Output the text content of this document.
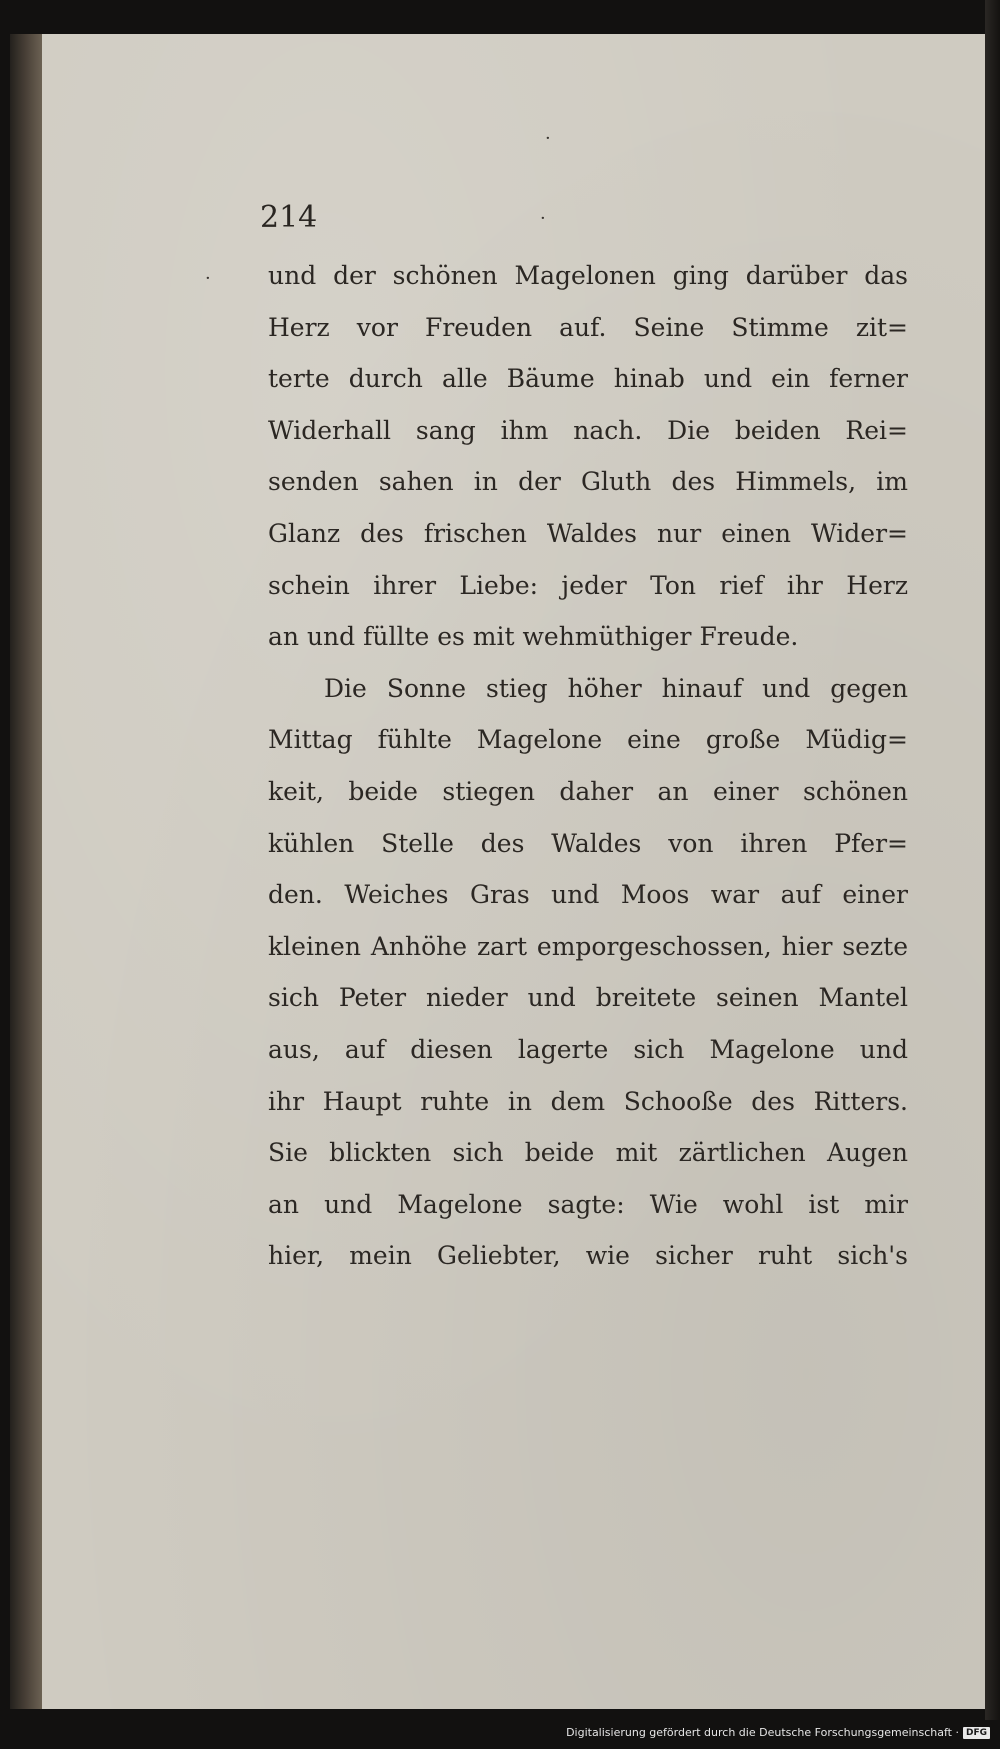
·
·
·
214
und der schönen Magelonen ging darüber das
Herz vor Freuden auf. Seine Stimme zit=
terte durch alle Bäume hinab und ein ferner
Widerhall sang ihm nach. Die beiden Rei=
senden sahen in der Gluth des Himmels, im
Glanz des frischen Waldes nur einen Wider=
schein ihrer Liebe: jeder Ton rief ihr Herz
an und füllte es mit wehmüthiger Freude.
Die Sonne stieg höher hinauf und gegen
Mittag fühlte Magelone eine große Müdig=
keit, beide stiegen daher an einer schönen
kühlen Stelle des Waldes von ihren Pfer=
den. Weiches Gras und Moos war auf einer
kleinen Anhöhe zart emporgeschossen, hier sezte
sich Peter nieder und breitete seinen Mantel
aus, auf diesen lagerte sich Magelone und
ihr Haupt ruhte in dem Schooße des Ritters.
Sie blickten sich beide mit zärtlichen Augen
an und Magelone sagte: Wie wohl ist mir
hier, mein Geliebter, wie sicher ruht sich's
Digitalisierung gefördert durch die Deutsche Forschungsgemeinschaft · DFG
